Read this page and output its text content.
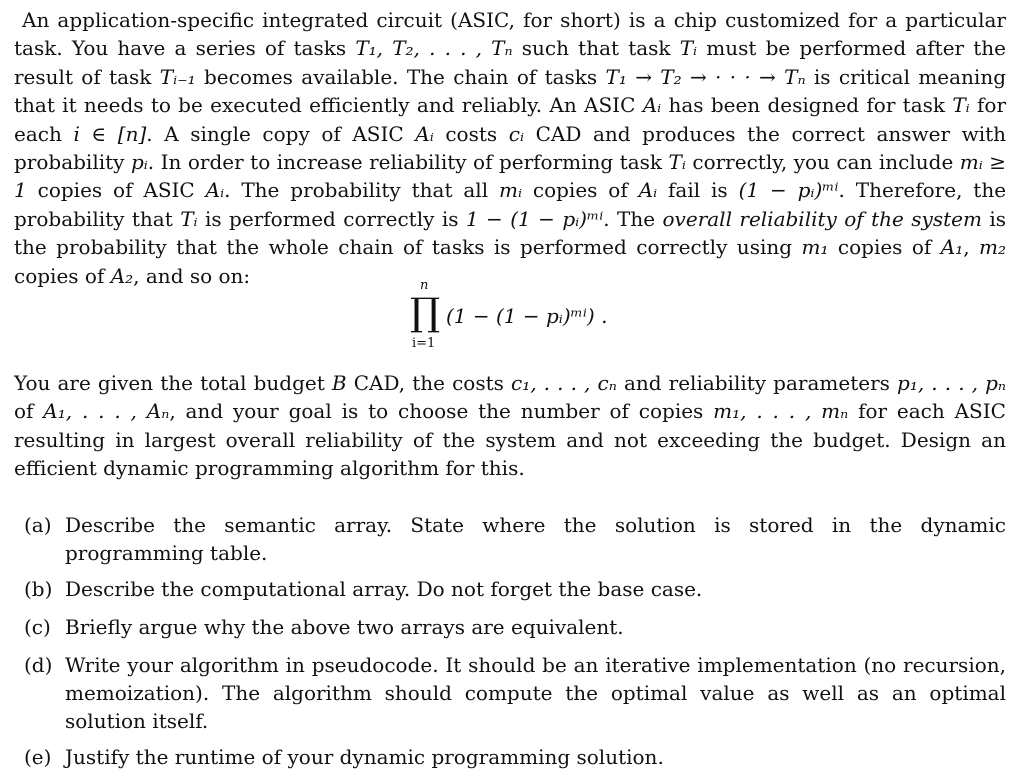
An application-specific integrated circuit (ASIC, for short) is a chip customized for a particular task. You have a series of tasks T₁, T₂, . . . , Tₙ such that task Tᵢ must be performed after the result of task Tᵢ₋₁ becomes available. The chain of tasks T₁ → T₂ → · · · → Tₙ is critical meaning that it needs to be executed efficiently and reliably. An ASIC Aᵢ has been designed for task Tᵢ for each i ∈ [n]. A single copy of ASIC Aᵢ costs cᵢ CAD and produces the correct answer with probability pᵢ. In order to increase reliability of performing task Tᵢ correctly, you can include mᵢ ≥ 1 copies of ASIC Aᵢ. The probability that all mᵢ copies of Aᵢ fail is (1 − pᵢ)ᵐⁱ. Therefore, the probability that Tᵢ is performed correctly is 1 − (1 − pᵢ)ᵐⁱ. The overall reliability of the system is the probability that the whole chain of tasks is performed correctly using m₁ copies of A₁, m₂ copies of A₂, and so on:	n
∏
i=1
(1 − (1 − pᵢ)ᵐⁱ) .
You are given the total budget B CAD, the costs c₁, . . . , cₙ and reliability parameters p₁, . . . , pₙ of A₁, . . . , Aₙ, and your goal is to choose the number of copies m₁, . . . , mₙ for each ASIC resulting in largest overall reliability of the system and not exceeding the budget. Design an efficient dynamic programming algorithm for this.
(a) Describe the semantic array. State where the solution is stored in the dynamic programming table.
(b) Describe the computational array. Do not forget the base case.
(c) Briefly argue why the above two arrays are equivalent.
(d) Write your algorithm in pseudocode. It should be an iterative implementation (no recursion, memoization). The algorithm should compute the optimal value as well as an optimal solution itself.
(e) Justify the runtime of your dynamic programming solution.
